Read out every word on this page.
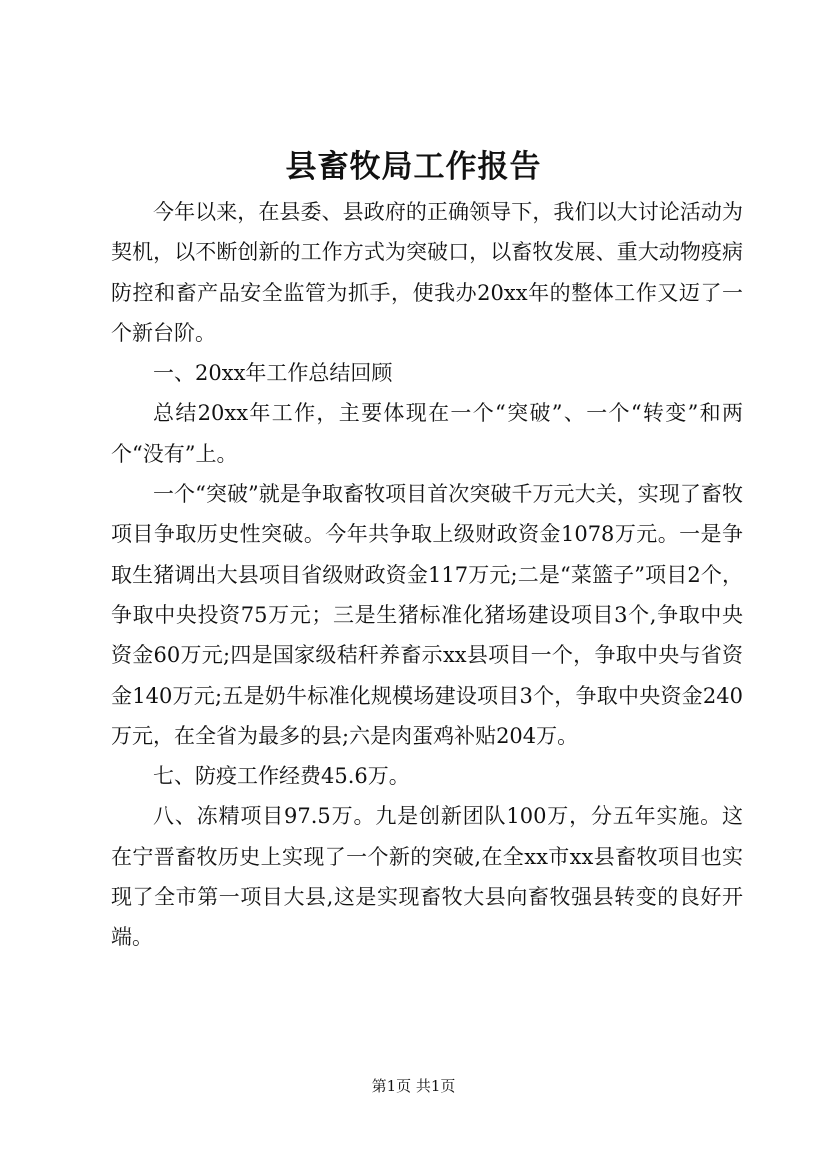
县畜牧局工作报告

今年以来，在县委、县政府的正确领导下，我们以大讨论活动为契机，以不断创新的工作方式为突破口，以畜牧发展、重大动物疫病防控和畜产品安全监管为抓手，使我办20xx年的整体工作又迈了一个新台阶。

一、20xx年工作总结回顾

总结20xx年工作，主要体现在一个“突破”、一个“转变”和两个“没有”上。

一个“突破”就是争取畜牧项目首次突破千万元大关，实现了畜牧项目争取历史性突破。今年共争取上级财政资金1078万元。一是争取生猪调出大县项目省级财政资金117万元;二是“菜篮子”项目2个，争取中央投资75万元；三是生猪标准化猪场建设项目3个,争取中央资金60万元;四是国家级秸秆养畜示xx县项目一个，争取中央与省资金140万元;五是奶牛标准化规模场建设项目3个，争取中央资金240万元，在全省为最多的县;六是肉蛋鸡补贴204万。

七、防疫工作经费45.6万。

八、冻精项目97.5万。九是创新团队100万，分五年实施。这在宁晋畜牧历史上实现了一个新的突破,在全xx市xx县畜牧项目也实现了全市第一项目大县,这是实现畜牧大县向畜牧强县转变的良好开端。

第1页 共1页
